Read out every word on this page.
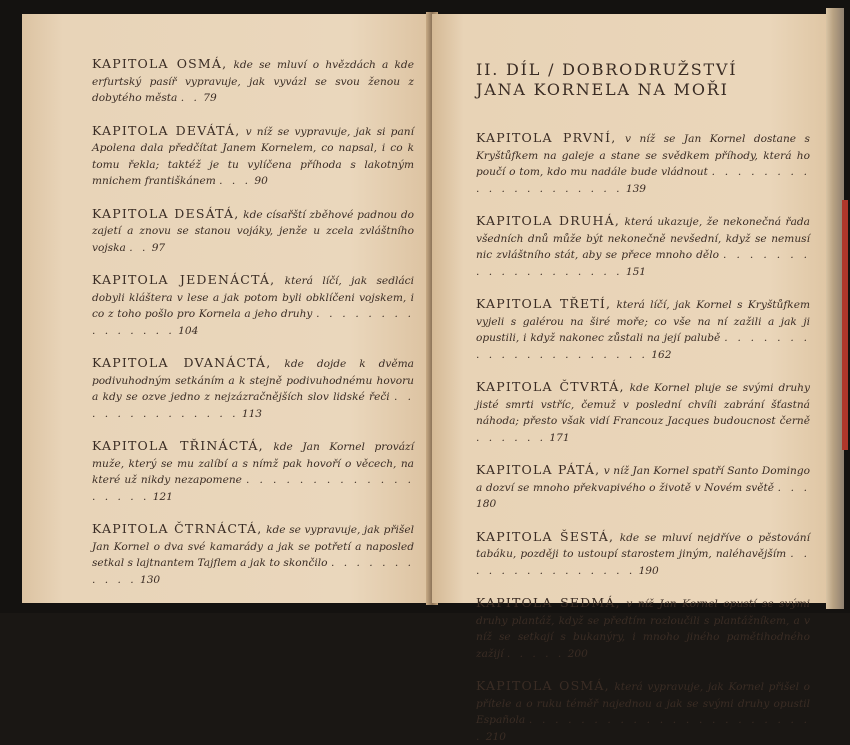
KAPITOLA OSMÁ, kde se mluví o hvězdách a kde erfurtský pasíř vypravuje, jak vyvázl se svou ženou z dobytého města . . 79
KAPITOLA DEVÁTÁ, v níž se vypravuje, jak si paní Apolena dala předčítat Janem Kornelem, co napsal, i co k tomu řekla; taktéž je tu vylíčena příhoda s lakotným mnichem františkánem . . . 90
KAPITOLA DESÁTÁ, kde císařští zběhové padnou do zajetí a znovu se stanou vojáky, jenže u zcela zvláštního vojska . . 97
KAPITOLA JEDENÁCTÁ, která líčí, jak sedláci dobyli kláštera v lese a jak potom byli obklíčeni vojskem, i co z toho pošlo pro Kornela a jeho druhy . . . . . . . . . . . . . . . 104
KAPITOLA DVANÁCTÁ, kde dojde k dvěma podivuhodným setkáním a k stejně podivuhodnému hovoru a kdy se ozve jedno z nejzázračnějších slov lidské řeči . . . . . . . . . . . . . . 113
KAPITOLA TŘINÁCTÁ, kde Jan Kornel provází muže, který se mu zalíbí a s nímž pak hovoří o věcech, na které už nikdy nezapomene . . . . . . . . . . . . . . . . . . 121
KAPITOLA ČTRNÁCTÁ, kde se vypravuje, jak přišel Jan Kornel o dva své kamarády a jak se potřetí a naposled setkal s lajtnantem Tajflem a jak to skončilo . . . . . . . . . . . 130
II. DÍL / DOBRODRUŽSTVÍ
JANA KORNELA NA MOŘI
KAPITOLA PRVNÍ, v níž se Jan Kornel dostane s Kryštůfkem na galeje a stane se svědkem příhody, která ho poučí o tom, kdo mu nadále bude vládnout . . . . . . . . . . . . . . . . . . . . 139
KAPITOLA DRUHÁ, která ukazuje, že nekonečná řada všedních dnů může být nekonečně nevšední, když se nemusí nic zvláštního stát, aby se přece mnoho dělo . . . . . . . . . . . . . . . . . . . 151
KAPITOLA TŘETÍ, která líčí, jak Kornel s Kryštůfkem vyjeli s galérou na širé moře; co vše na ní zažili a jak ji opustili, i když nakonec zůstali na její palubě . . . . . . . . . . . . . . . . . . . . . 162
KAPITOLA ČTVRTÁ, kde Kornel pluje se svými druhy jisté smrti vstříc, čemuž v poslední chvíli zabrání šťastná náhoda; přesto však vidí Francouz Jacques budoucnost černě . . . . . . 171
KAPITOLA PÁTÁ, v níž Jan Kornel spatří Santo Domingo a dozví se mnoho překvapivého o životě v Novém světě . . . 180
KAPITOLA ŠESTÁ, kde se mluví nejdříve o pěstování tabáku, později to ustoupí starostem jiným, naléhavějším . . . . . . . . . . . . . . . 190
KAPITOLA SEDMÁ, v níž Jan Kornel opustí se svými druhy plantáž, když se předtím rozloučili s plantážníkem, a v níž se setkají s bukanýry, i mnoho jiného pamětihodného zažijí . . . . . 200
KAPITOLA OSMÁ, která vypravuje, jak Kornel přišel o přítele a o ruku téměř najednou a jak se svými druhy opustil Española . . . . . . . . . . . . . . . . . . . . . . . 210
